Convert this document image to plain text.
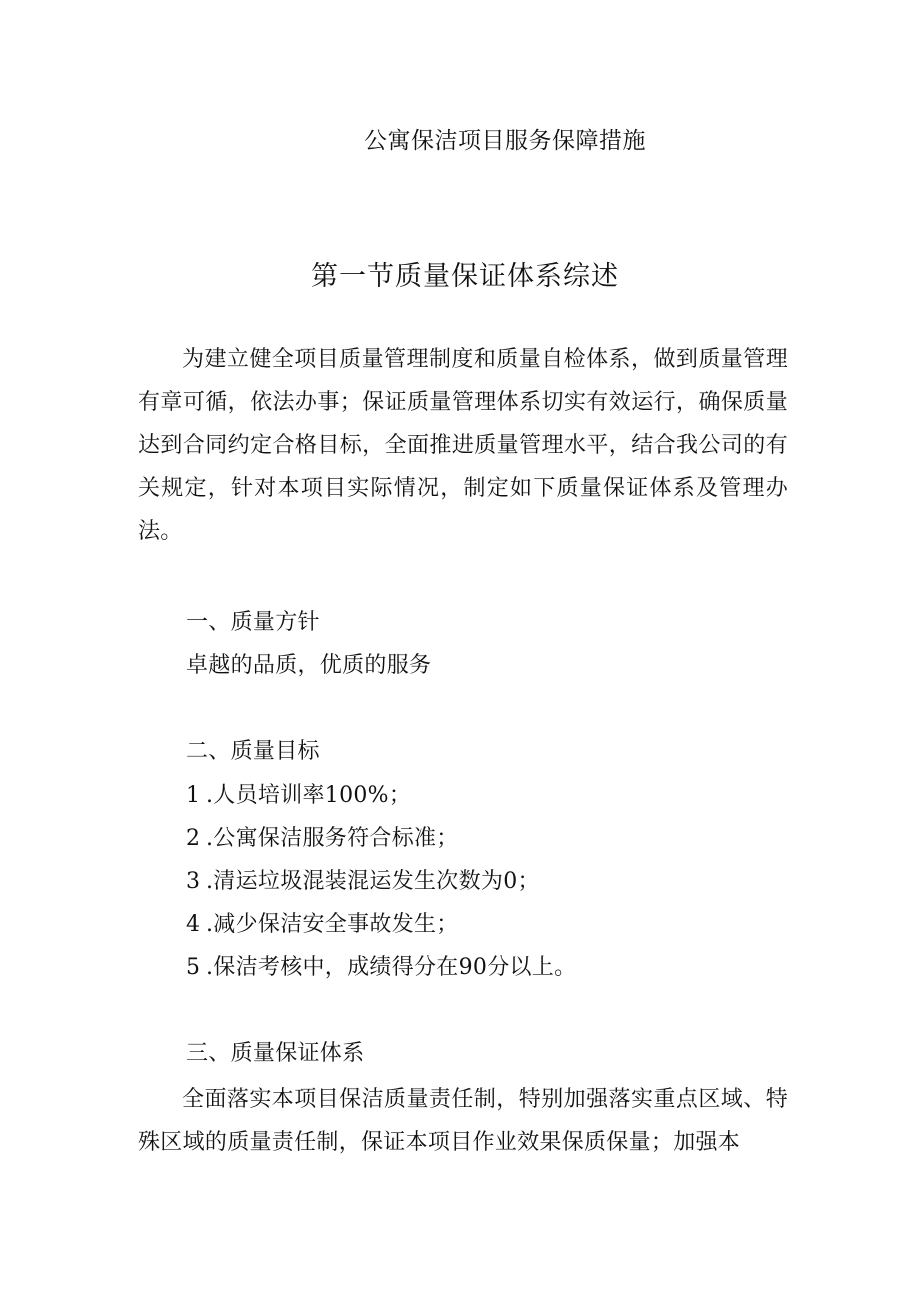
公寓保洁项目服务保障措施
第一节质量保证体系综述
为建立健全项目质量管理制度和质量自检体系，做到质量管理有章可循，依法办事；保证质量管理体系切实有效运行，确保质量达到合同约定合格目标，全面推进质量管理水平，结合我公司的有关规定，针对本项目实际情况，制定如下质量保证体系及管理办法。
一、质量方针
卓越的品质，优质的服务
二、质量目标
1 .人员培训率100%；
2 .公寓保洁服务符合标准；
3 .清运垃圾混装混运发生次数为0；
4 .减少保洁安全事故发生；
5 .保洁考核中，成绩得分在90分以上。
三、质量保证体系
全面落实本项目保洁质量责任制，特别加强落实重点区域、特殊区域的质量责任制，保证本项目作业效果保质保量；加强本
